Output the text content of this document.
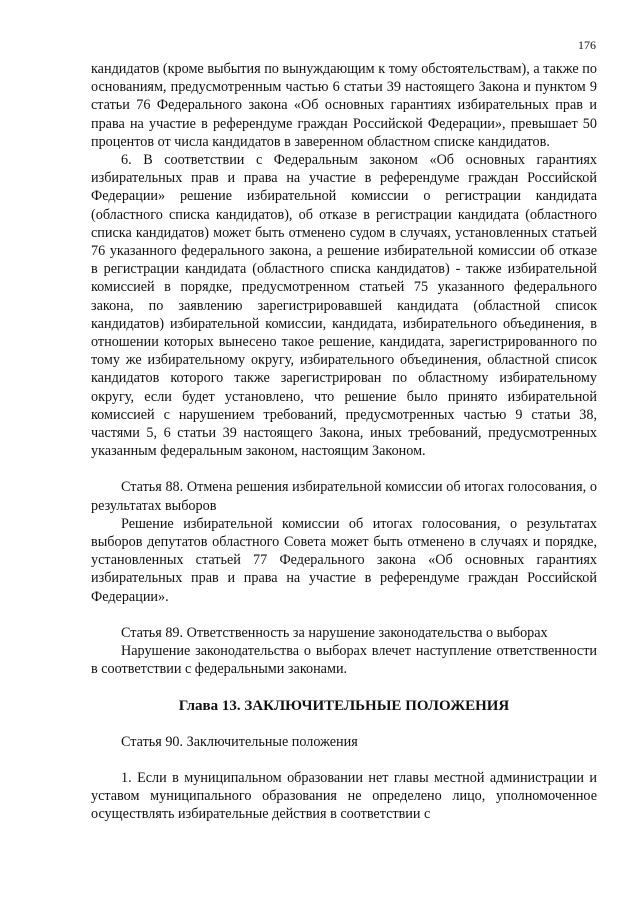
176

кандидатов (кроме выбытия по вынуждающим к тому обстоятельствам), а также по основаниям, предусмотренным частью 6 статьи 39 настоящего Закона и пунктом 9 статьи 76 Федерального закона «Об основных гарантиях избирательных прав и права на участие в референдуме граждан Российской Федерации», превышает 50 процентов от числа кандидатов в заверенном областном списке кандидатов.

6. В соответствии с Федеральным законом «Об основных гарантиях избирательных прав и права на участие в референдуме граждан Российской Федерации» решение избирательной комиссии о регистрации кандидата (областного списка кандидатов), об отказе в регистрации кандидата (областного списка кандидатов) может быть отменено судом в случаях, установленных статьей 76 указанного федерального закона, а решение избирательной комиссии об отказе в регистрации кандидата (областного списка кандидатов) - также избирательной комиссией в порядке, предусмотренном статьей 75 указанного федерального закона, по заявлению зарегистрировавшей кандидата (областной список кандидатов) избирательной комиссии, кандидата, избирательного объединения, в отношении которых вынесено такое решение, кандидата, зарегистрированного по тому же избирательному округу, избирательного объединения, областной список кандидатов которого также зарегистрирован по областному избирательному округу, если будет установлено, что решение было принято избирательной комиссией с нарушением требований, предусмотренных частью 9 статьи 38, частями 5, 6 статьи 39 настоящего Закона, иных требований, предусмотренных указанным федеральным законом, настоящим Законом.

Статья 88. Отмена решения избирательной комиссии об итогах голосования, о результатах выборов

Решение избирательной комиссии об итогах голосования, о результатах выборов депутатов областного Совета может быть отменено в случаях и порядке, установленных статьей 77 Федерального закона «Об основных гарантиях избирательных прав и права на участие в референдуме граждан Российской Федерации».

Статья 89. Ответственность за нарушение законодательства о выборах

Нарушение законодательства о выборах влечет наступление ответственности в соответствии с федеральными законами.

Глава 13. ЗАКЛЮЧИТЕЛЬНЫЕ ПОЛОЖЕНИЯ

Статья 90. Заключительные положения

1. Если в муниципальном образовании нет главы местной администрации и уставом муниципального образования не определено лицо, уполномоченное осуществлять избирательные действия в соответствии с
